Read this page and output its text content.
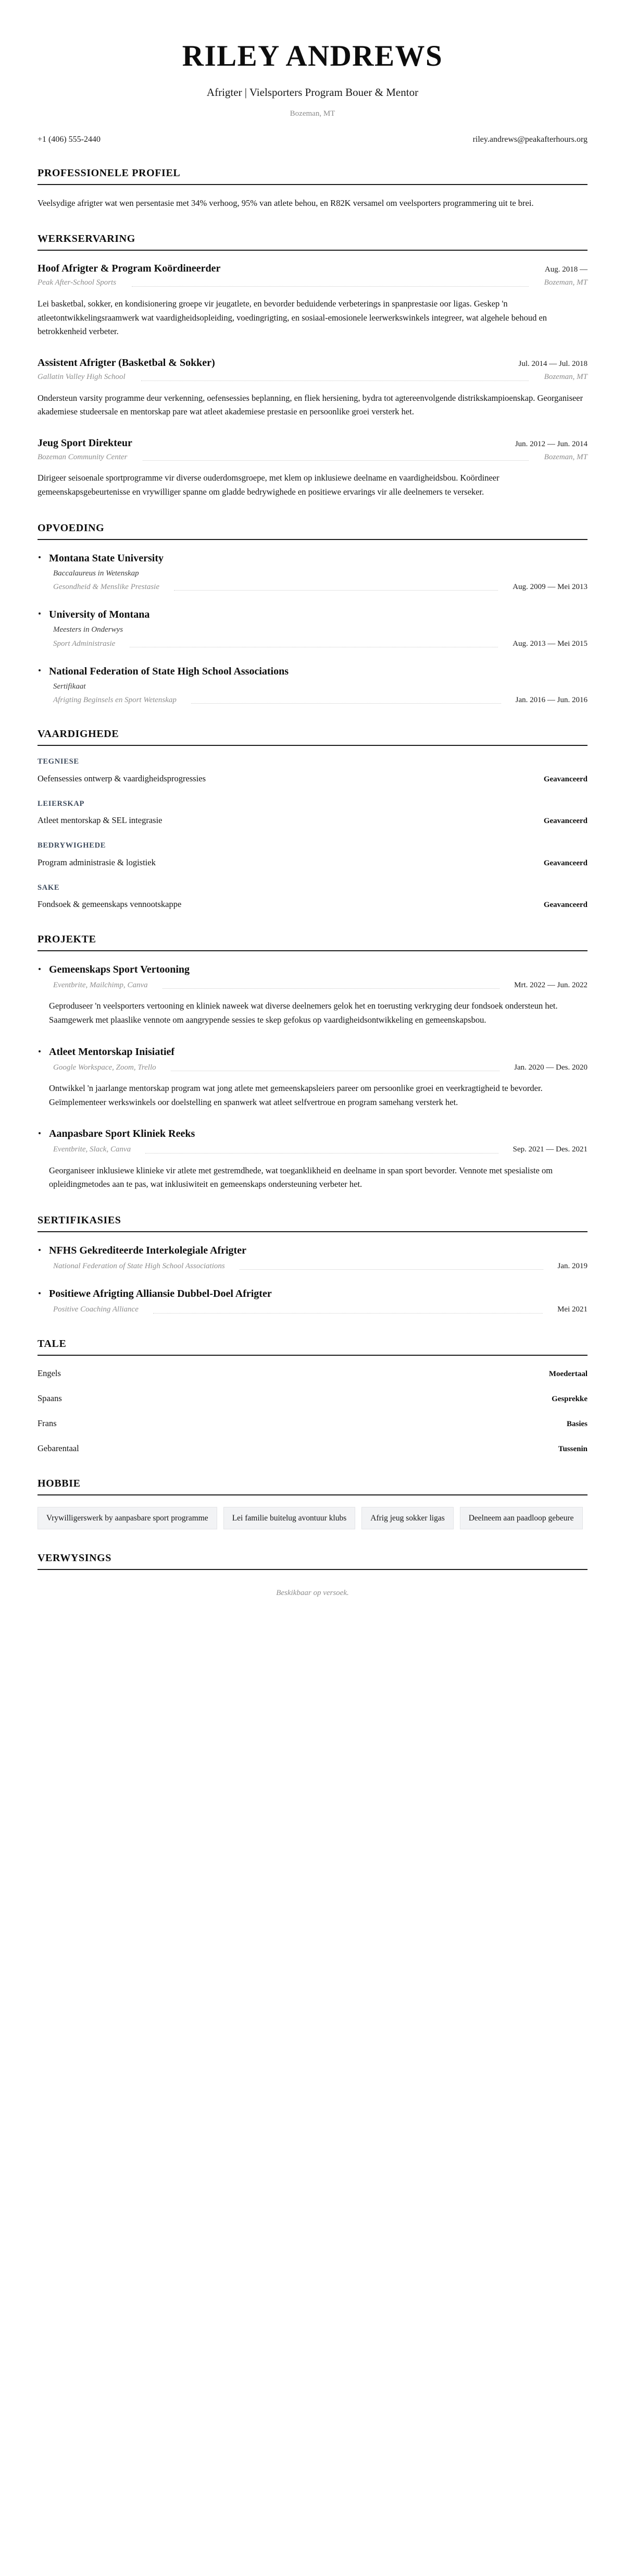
RILEY ANDREWS
Afrigter | Vielsporters Program Bouer & Mentor
Bozeman, MT
+1 (406) 555-2440	riley.andrews@peakafterhours.org
PROFESSIONELE PROFIEL

Veelsydige afrigter wat wen persentasie met 34% verhoog, 95% van atlete behou, en R82K versamel om veelsporters programmering uit te brei.

WERKSERVARING
Hoof Afrigter & Program Koördineerder	Aug. 2018 —
Peak After-School Sports	Bozeman, MT
Lei basketbal, sokker, en kondisionering groepe vir jeugatlete, en bevorder beduidende verbeterings in spanprestasie oor ligas. Geskep 'n atleetontwikkelingsraamwerk wat vaardigheidsopleiding, voedingrigting, en sosiaal-emosionele leerwerkswinkels integreer, wat algehele behoud en betrokkenheid verbeter.
Assistent Afrigter (Basketbal & Sokker)	Jul. 2014 — Jul. 2018
Gallatin Valley High School	Bozeman, MT
Ondersteun varsity programme deur verkenning, oefensessies beplanning, en fliek hersiening, bydra tot agtereenvolgende distrikskampioenskap. Georganiseer akademiese studeersale en mentorskap pare wat atleet akademiese prestasie en persoonlike groei versterk het.
Jeug Sport Direkteur	Jun. 2012 — Jun. 2014
Bozeman Community Center	Bozeman, MT
Dirigeer seisoenale sportprogramme vir diverse ouderdomsgroepe, met klem op inklusiewe deelname en vaardigheidsbou. Koördineer gemeenskapsgebeurtenisse en vrywilliger spanne om gladde bedrywighede en positiewe ervarings vir alle deelnemers te verseker.
OPVOEDING
Montana State University
Baccalaureus in Wetenskap
Gesondheid & Menslike Prestasie	Aug. 2009 — Mei 2013
University of Montana
Meesters in Onderwys
Sport Administrasie	Aug. 2013 — Mei 2015
National Federation of State High School Associations
Sertifikaat
Afrigting Beginsels en Sport Wetenskap	Jan. 2016 — Jun. 2016
VAARDIGHEDE
TEGNIESE
Oefensessies ontwerp & vaardigheidsprogressies	Geavanceerd
LEIERSKAP
Atleet mentorskap & SEL integrasie	Geavanceerd
BEDRYWIGHEDE
Program administrasie & logistiek	Geavanceerd
SAKE
Fondsoek & gemeenskaps vennootskappe	Geavanceerd
PROJEKTE
Gemeenskaps Sport Vertooning
Eventbrite, Mailchimp, Canva	Mrt. 2022 — Jun. 2022
Geproduseer 'n veelsporters vertooning en kliniek naweek wat diverse deelnemers gelok het en toerusting verkryging deur fondsoek ondersteun het. Saamgewerk met plaaslike vennote om aangrypende sessies te skep gefokus op vaardigheidsontwikkeling en gemeenskapsbou.
Atleet Mentorskap Inisiatief
Google Workspace, Zoom, Trello	Jan. 2020 — Des. 2020
Ontwikkel 'n jaarlange mentorskap program wat jong atlete met gemeenskapsleiers pareer om persoonlike groei en veerkragtigheid te bevorder. Geïmplementeer werkswinkels oor doelstelling en spanwerk wat atleet selfvertroue en program samehang versterk het.
Aanpasbare Sport Kliniek Reeks
Eventbrite, Slack, Canva	Sep. 2021 — Des. 2021
Georganiseer inklusiewe klinieke vir atlete met gestremdhede, wat toeganklikheid en deelname in span sport bevorder. Vennote met spesialiste om opleidingmetodes aan te pas, wat inklusiwiteit en gemeenskaps ondersteuning verbeter het.
SERTIFIKASIES
NFHS Gekrediteerde Interkolegiale Afrigter
National Federation of State High School Associations	Jan. 2019
Positiewe Afrigting Alliansie Dubbel-Doel Afrigter
Positive Coaching Alliance	Mei 2021
TALE
Engels	Moedertaal
Spaans	Gesprekke
Frans	Basies
Gebarentaal	Tussenin
HOBBIE
Vrywilligerswerk by aanpasbare sport programme	Lei familie buitelug avontuur klubs	Afrig jeug sokker ligas	Deelneem aan paadloop gebeure
VERWYSINGS
Beskikbaar op versoek.
